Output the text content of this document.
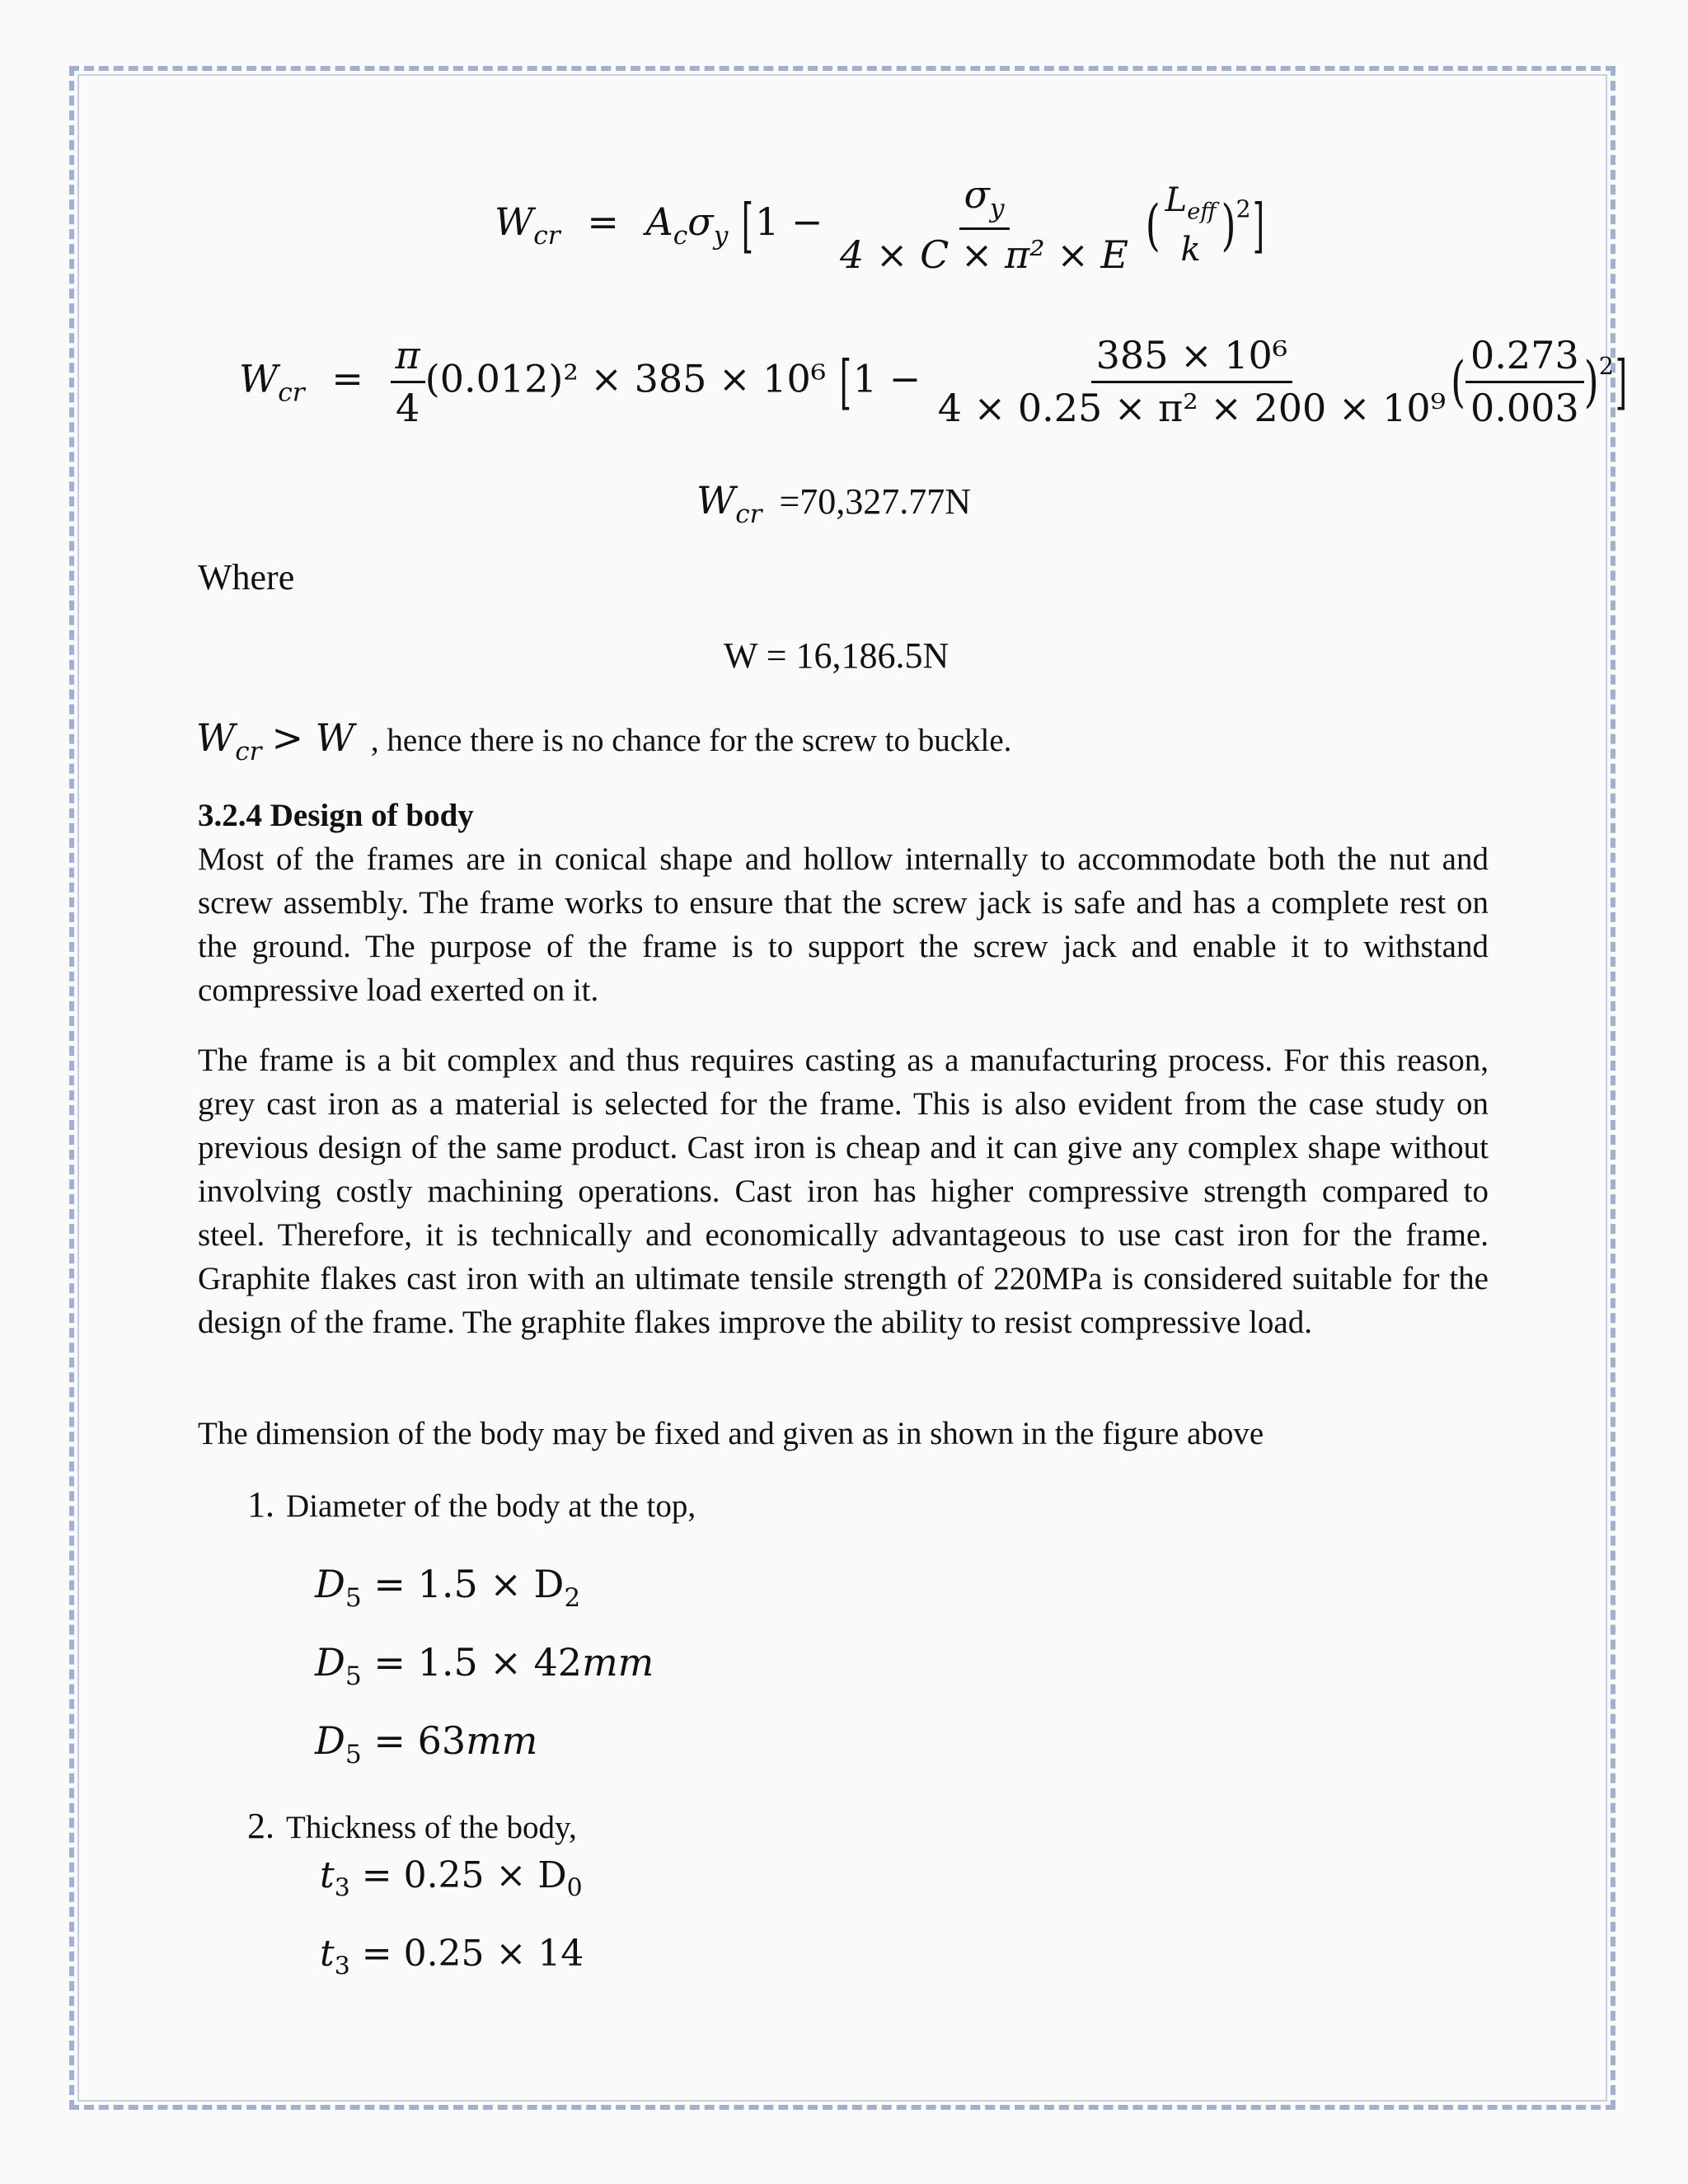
$W_{cr} = A_c\sigma_y$ [$1 - \frac{\sigma_y}{\text{4 × C × π² × E}}$ ( $L_{eff}$
k )$^2$]
$W_{cr} = \frac{\pi}{4} (0.012)^2 \times 385 \times 10^6$ [$1 - \frac{\text{385 × 10⁶}}{\text{4 × 0.25 × π² × 200 × 10⁹}}$ ( $\frac{0.273}{0.003} )^2$]
$W_{cr} =70,327.77N$
Where
W = 16,186.5N
Wcr > W , hence there is no chance for the screw to buckle.
3.2.4 Design of body
Most of the frames are in conical shape and hollow internally to accommodate both the nut and screw assembly. The frame works to ensure that the screw jack is safe and has a complete rest on the ground. The purpose of the frame is to support the screw jack and enable it to withstand compressive load exerted on it.
The frame is a bit complex and thus requires casting as a manufacturing process. For this reason, grey cast iron as a material is selected for the frame. This is also evident from the case study on previous design of the same product. Cast iron is cheap and it can give any complex shape without involving costly machining operations. Cast iron has higher compressive strength compared to steel. Therefore, it is technically and economically advantageous to use cast iron for the frame. Graphite flakes cast iron with an ultimate tensile strength of 220MPa is considered suitable for the design of the frame. The graphite flakes improve the ability to resist compressive load.
The dimension of the body may be fixed and given as in shown in the figure above
1. Diameter of the body at the top,
$D_5 = 1.5 \times D_2$
$D_5 = 1.5 \times 42mm$
$D_5 = 63mm$
2. Thickness of the body,
$t_3 = 0.25 \times D_0$
$t_3 = 0.25 \times 14$
